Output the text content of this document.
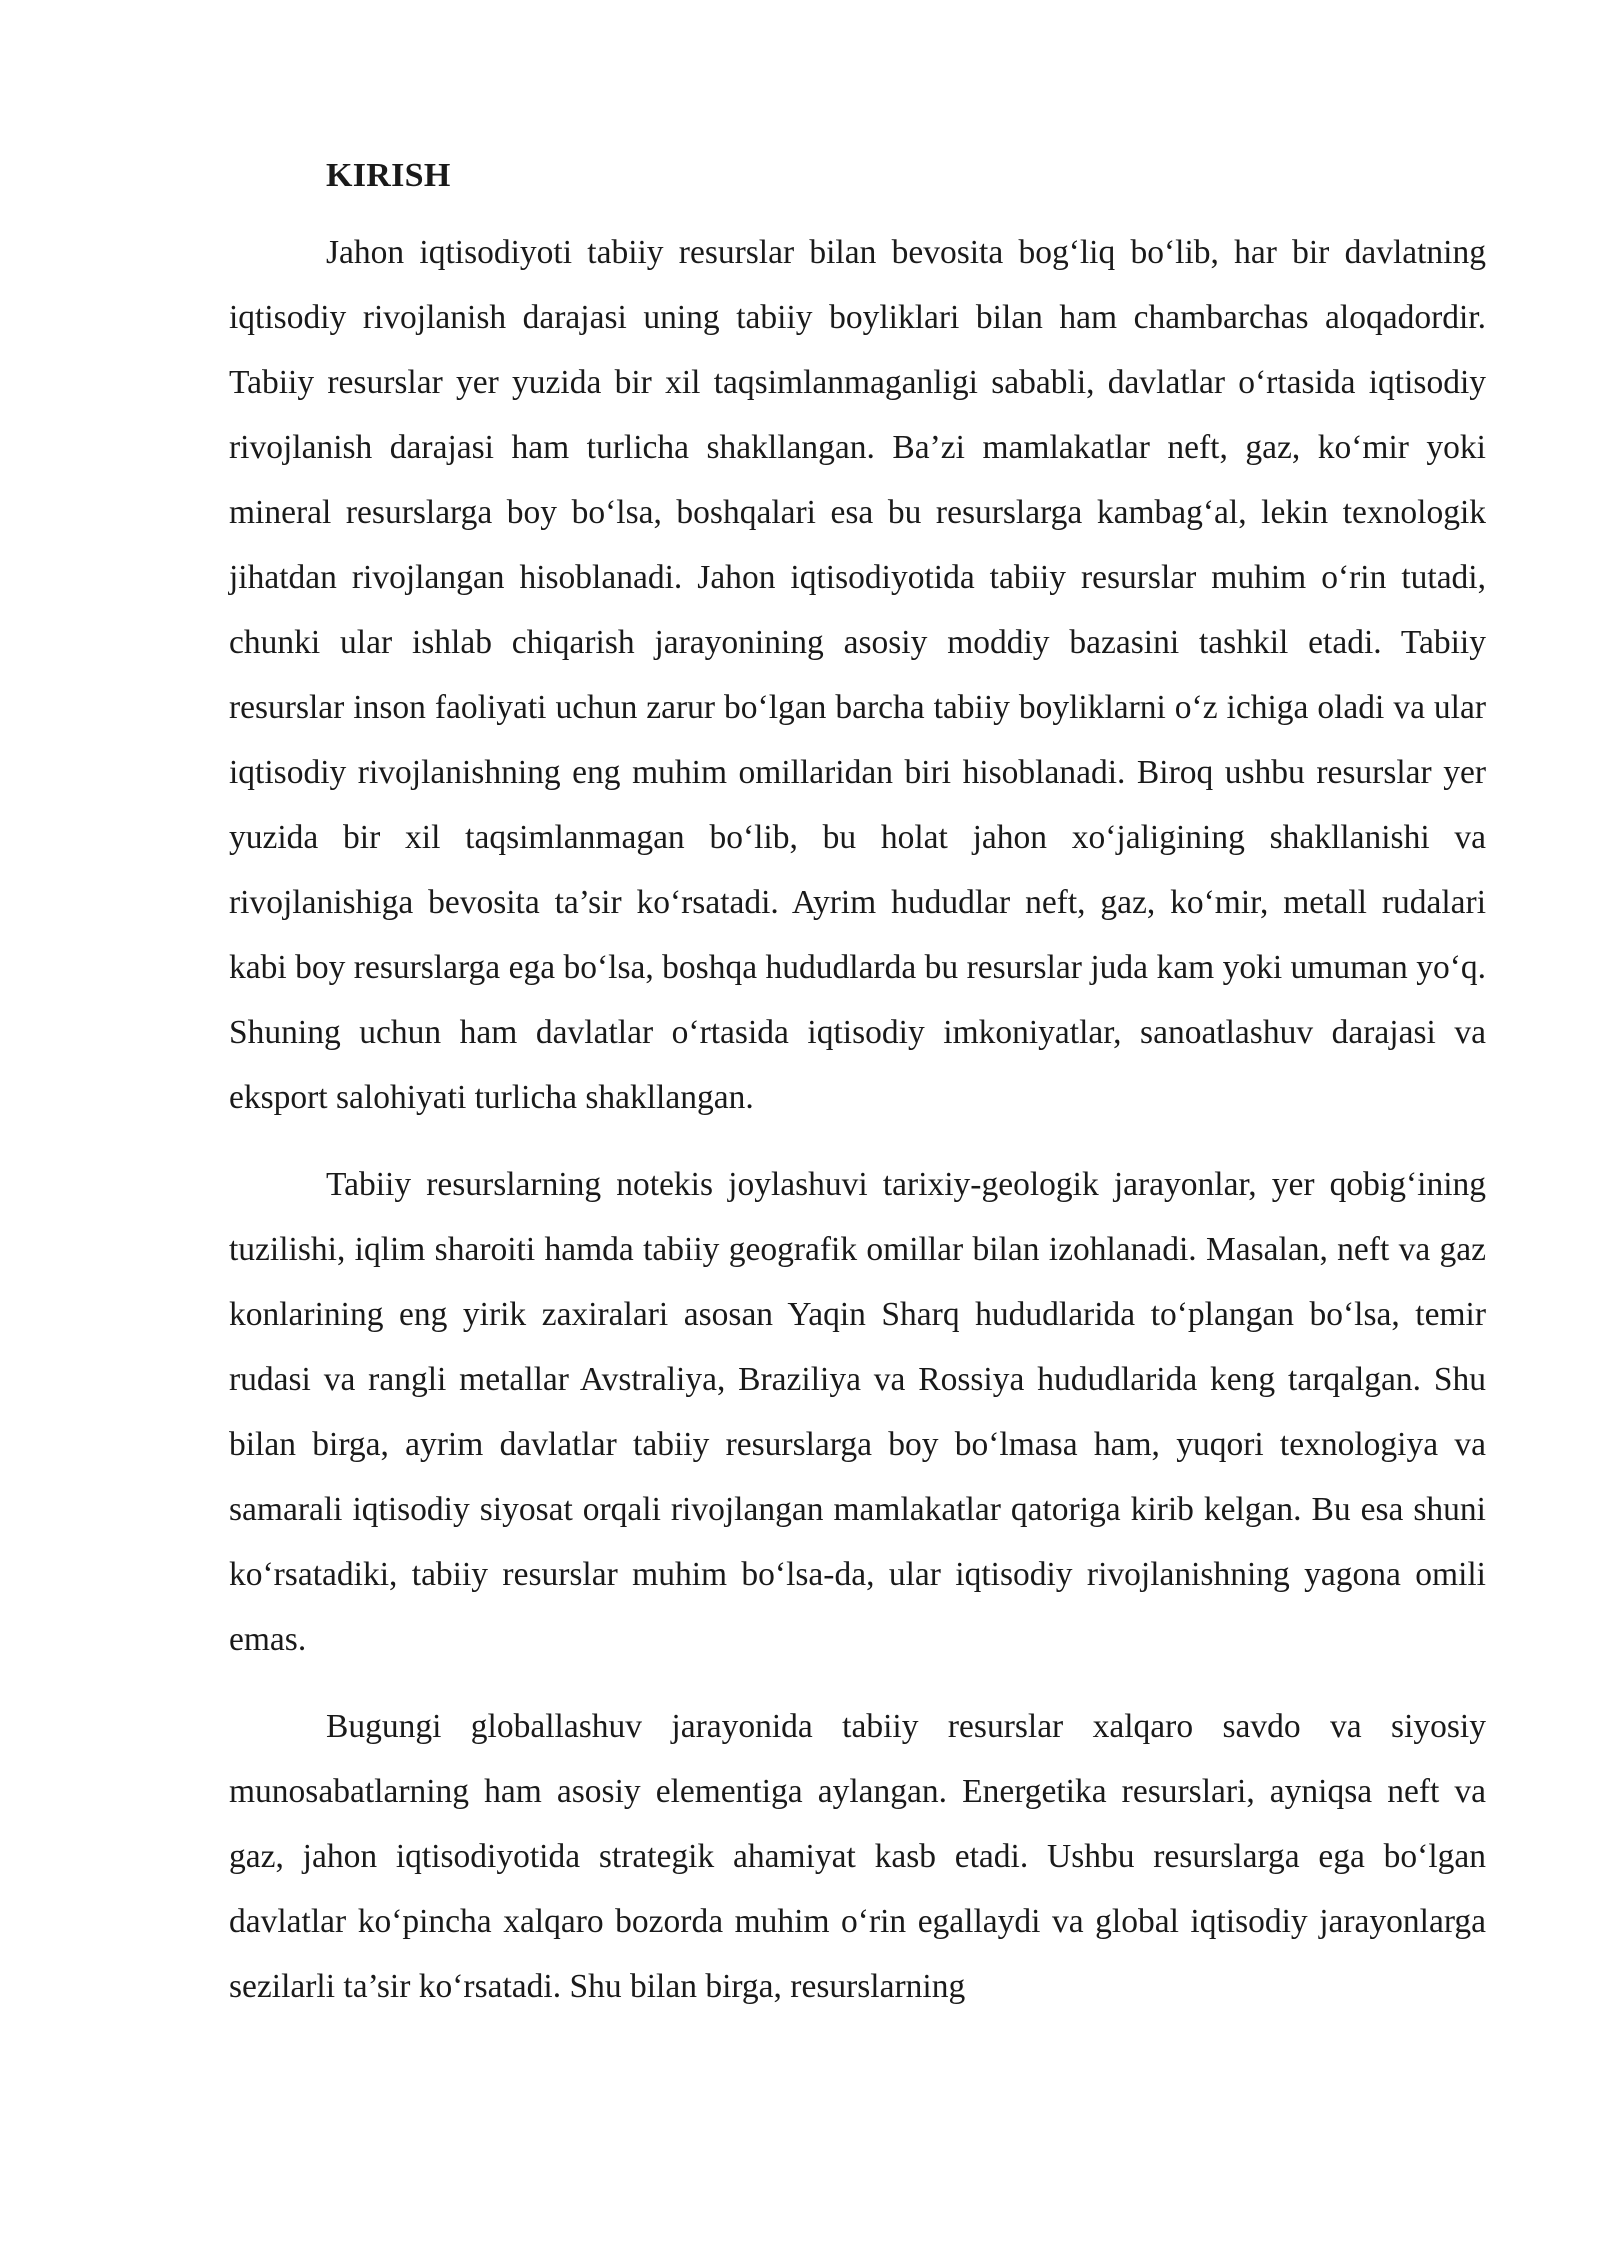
KIRISH

Jahon iqtisodiyoti tabiiy resurslar bilan bevosita bog‘liq bo‘lib, har bir davlatning iqtisodiy rivojlanish darajasi uning tabiiy boyliklari bilan ham chambarchas aloqadordir. Tabiiy resurslar yer yuzida bir xil taqsimlanmaganligi sababli, davlatlar o‘rtasida iqtisodiy rivojlanish darajasi ham turlicha shakllangan. Ba’zi mamlakatlar neft, gaz, ko‘mir yoki mineral resurslarga boy bo‘lsa, boshqalari esa bu resurslarga kambag‘al, lekin texnologik jihatdan rivojlangan hisoblanadi. Jahon iqtisodiyotida tabiiy resurslar muhim o‘rin tutadi, chunki ular ishlab chiqarish jarayonining asosiy moddiy bazasini tashkil etadi. Tabiiy resurslar inson faoliyati uchun zarur bo‘lgan barcha tabiiy boyliklarni o‘z ichiga oladi va ular iqtisodiy rivojlanishning eng muhim omillaridan biri hisoblanadi. Biroq ushbu resurslar yer yuzida bir xil taqsimlanmagan bo‘lib, bu holat jahon xo‘jaligining shakllanishi va rivojlanishiga bevosita ta’sir ko‘rsatadi. Ayrim hududlar neft, gaz, ko‘mir, metall rudalari kabi boy resurslarga ega bo‘lsa, boshqa hududlarda bu resurslar juda kam yoki umuman yo‘q. Shuning uchun ham davlatlar o‘rtasida iqtisodiy imkoniyatlar, sanoatlashuv darajasi va eksport salohiyati turlicha shakllangan.

Tabiiy resurslarning notekis joylashuvi tarixiy-geologik jarayonlar, yer qobig‘ining tuzilishi, iqlim sharoiti hamda tabiiy geografik omillar bilan izohlanadi. Masalan, neft va gaz konlarining eng yirik zaxiralari asosan Yaqin Sharq hududlarida to‘plangan bo‘lsa, temir rudasi va rangli metallar Avstraliya, Braziliya va Rossiya hududlarida keng tarqalgan. Shu bilan birga, ayrim davlatlar tabiiy resurslarga boy bo‘lmasa ham, yuqori texnologiya va samarali iqtisodiy siyosat orqali rivojlangan mamlakatlar qatoriga kirib kelgan. Bu esa shuni ko‘rsatadiki, tabiiy resurslar muhim bo‘lsa-da, ular iqtisodiy rivojlanishning yagona omili emas.

Bugungi globallashuv jarayonida tabiiy resurslar xalqaro savdo va siyosiy munosabatlarning ham asosiy elementiga aylangan. Energetika resurslari, ayniqsa neft va gaz, jahon iqtisodiyotida strategik ahamiyat kasb etadi. Ushbu resurslarga ega bo‘lgan davlatlar ko‘pincha xalqaro bozorda muhim o‘rin egallaydi va global iqtisodiy jarayonlarga sezilarli ta’sir ko‘rsatadi. Shu bilan birga, resurslarning
